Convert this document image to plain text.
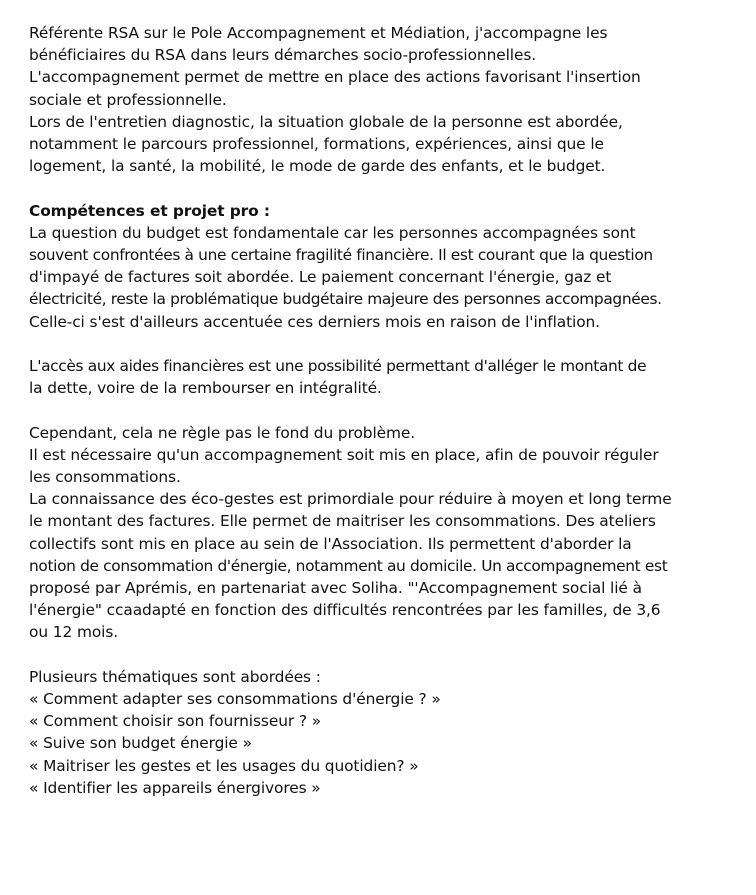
Référente RSA sur le Pole Accompagnement et Médiation, j'accompagne les
bénéficiaires du RSA dans leurs démarches socio-professionnelles.
L'accompagnement permet de mettre en place des actions favorisant l'insertion
sociale et professionnelle.
Lors de l'entretien diagnostic, la situation globale de la personne est abordée,
notamment le parcours professionnel, formations, expériences, ainsi que le
logement, la santé, la mobilité, le mode de garde des enfants, et le budget.
Compétences et projet pro :
La question du budget est fondamentale car les personnes accompagnées sont
souvent confrontées à une certaine fragilité financière. Il est courant que la question
d'impayé de factures soit abordée. Le paiement concernant l'énergie, gaz et
électricité, reste la problématique budgétaire majeure des personnes accompagnées.
Celle-ci s'est d'ailleurs accentuée ces derniers mois en raison de l'inflation.
L'accès aux aides financières est une possibilité permettant d'alléger le montant de
la dette, voire de la rembourser en intégralité.
Cependant, cela ne règle pas le fond du problème.
Il est nécessaire qu'un accompagnement soit mis en place, afin de pouvoir réguler
les consommations.
La connaissance des éco-gestes est primordiale pour réduire à moyen et long terme
le montant des factures. Elle permet de maitriser les consommations. Des ateliers
collectifs sont mis en place au sein de l'Association. Ils permettent d'aborder la
notion de consommation d'énergie, notamment au domicile. Un accompagnement est
proposé par Aprémis, en partenariat avec Soliha. "'Accompagnement social lié à
l'énergie" ccaadapté en fonction des difficultés rencontrées par les familles, de 3,6
ou 12 mois.
Plusieurs thématiques sont abordées :
« Comment adapter ses consommations d'énergie ? »
« Comment choisir son fournisseur ? »
« Suive son budget énergie »
« Maitriser les gestes et les usages du quotidien? »
« Identifier les appareils énergivores »
